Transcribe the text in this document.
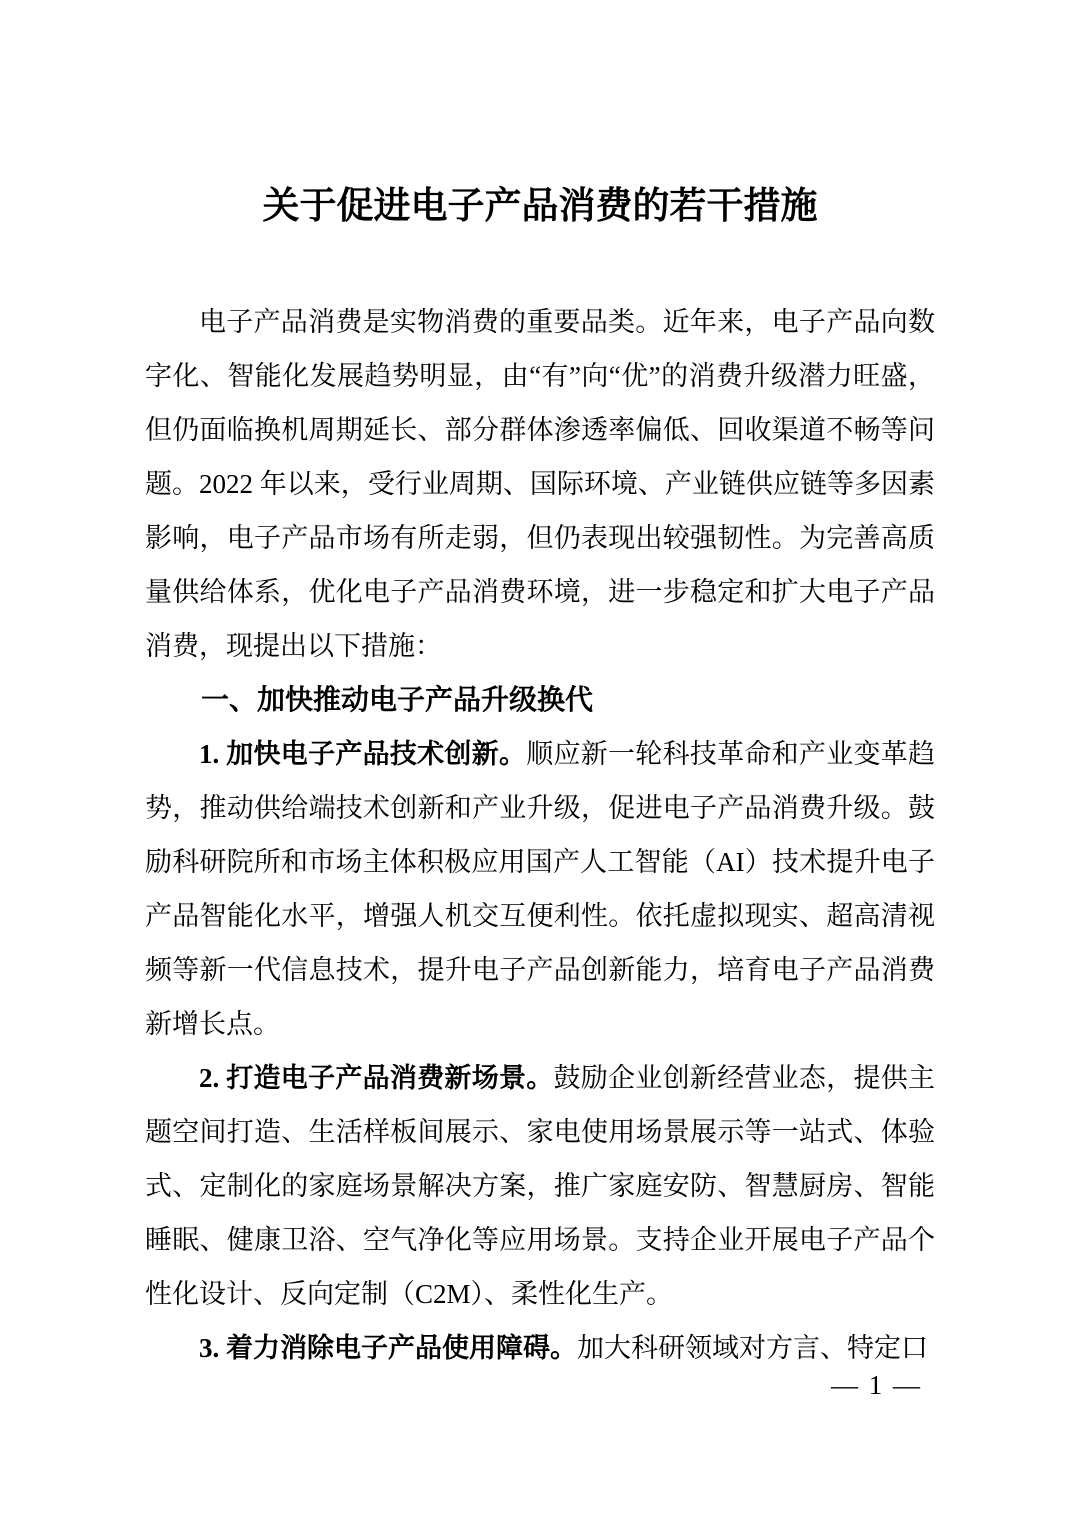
关于促进电子产品消费的若干措施

电子产品消费是实物消费的重要品类。近年来，电子产品向数字化、智能化发展趋势明显，由“有”向“优”的消费升级潜力旺盛，但仍面临换机周期延长、部分群体渗透率偏低、回收渠道不畅等问题。2022 年以来，受行业周期、国际环境、产业链供应链等多因素影响，电子产品市场有所走弱，但仍表现出较强韧性。为完善高质量供给体系，优化电子产品消费环境，进一步稳定和扩大电子产品消费，现提出以下措施：

一、加快推动电子产品升级换代

1. 加快电子产品技术创新。顺应新一轮科技革命和产业变革趋势，推动供给端技术创新和产业升级，促进电子产品消费升级。鼓励科研院所和市场主体积极应用国产人工智能（AI）技术提升电子产品智能化水平，增强人机交互便利性。依托虚拟现实、超高清视频等新一代信息技术，提升电子产品创新能力，培育电子产品消费新增长点。

2. 打造电子产品消费新场景。鼓励企业创新经营业态，提供主题空间打造、生活样板间展示、家电使用场景展示等一站式、体验式、定制化的家庭场景解决方案，推广家庭安防、智慧厨房、智能睡眠、健康卫浴、空气净化等应用场景。支持企业开展电子产品个性化设计、反向定制（C2M）、柔性化生产。

3. 着力消除电子产品使用障碍。加大科研领域对方言、特定口

— 1 —
